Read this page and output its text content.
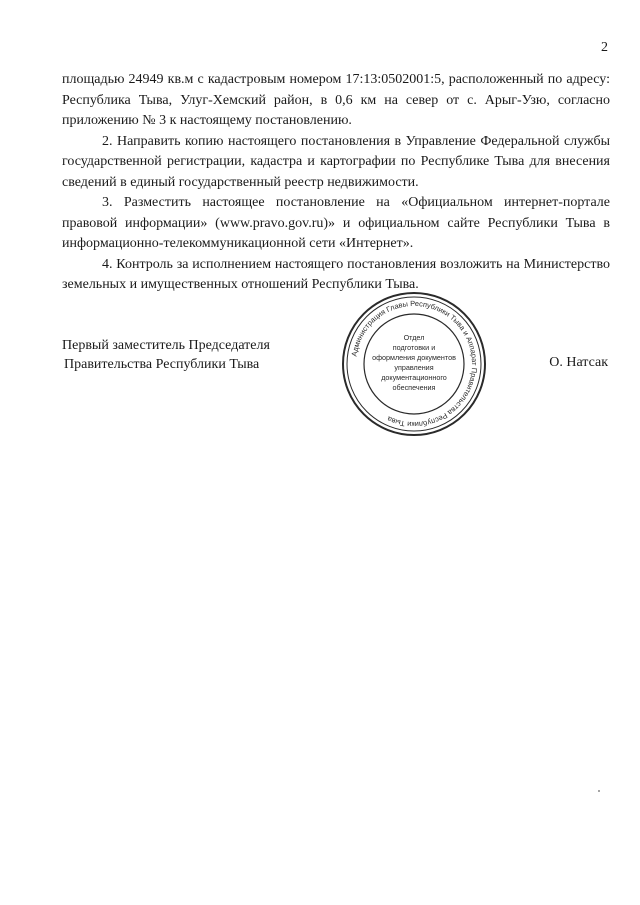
2

площадью 24949 кв.м с кадастровым номером 17:13:0502001:5, расположенный по адресу: Республика Тыва, Улуг-Хемский район, в 0,6 км на север от с. Арыг-Узю, согласно приложению № 3 к настоящему постановлению.

2. Направить копию настоящего постановления в Управление Федеральной службы государственной регистрации, кадастра и картографии по Республике Тыва для внесения сведений в единый государственный реестр недвижимости.

3. Разместить настоящее постановление на «Официальном интернет-портале правовой информации» (www.pravo.gov.ru)» и официальном сайте Республики Тыва в информационно-телекоммуникационной сети «Интернет».

4. Контроль за исполнением настоящего постановления возложить на Министерство земельных и имущественных отношений Республики Тыва.

Первый заместитель Председателя
Правительства Республики Тыва	О. Натсак
Администрация Главы Республики Тыва и Аппарат Правительства Республики Тыва
Отдел
подготовки и
оформления документов
управления
документационного
обеспечения
